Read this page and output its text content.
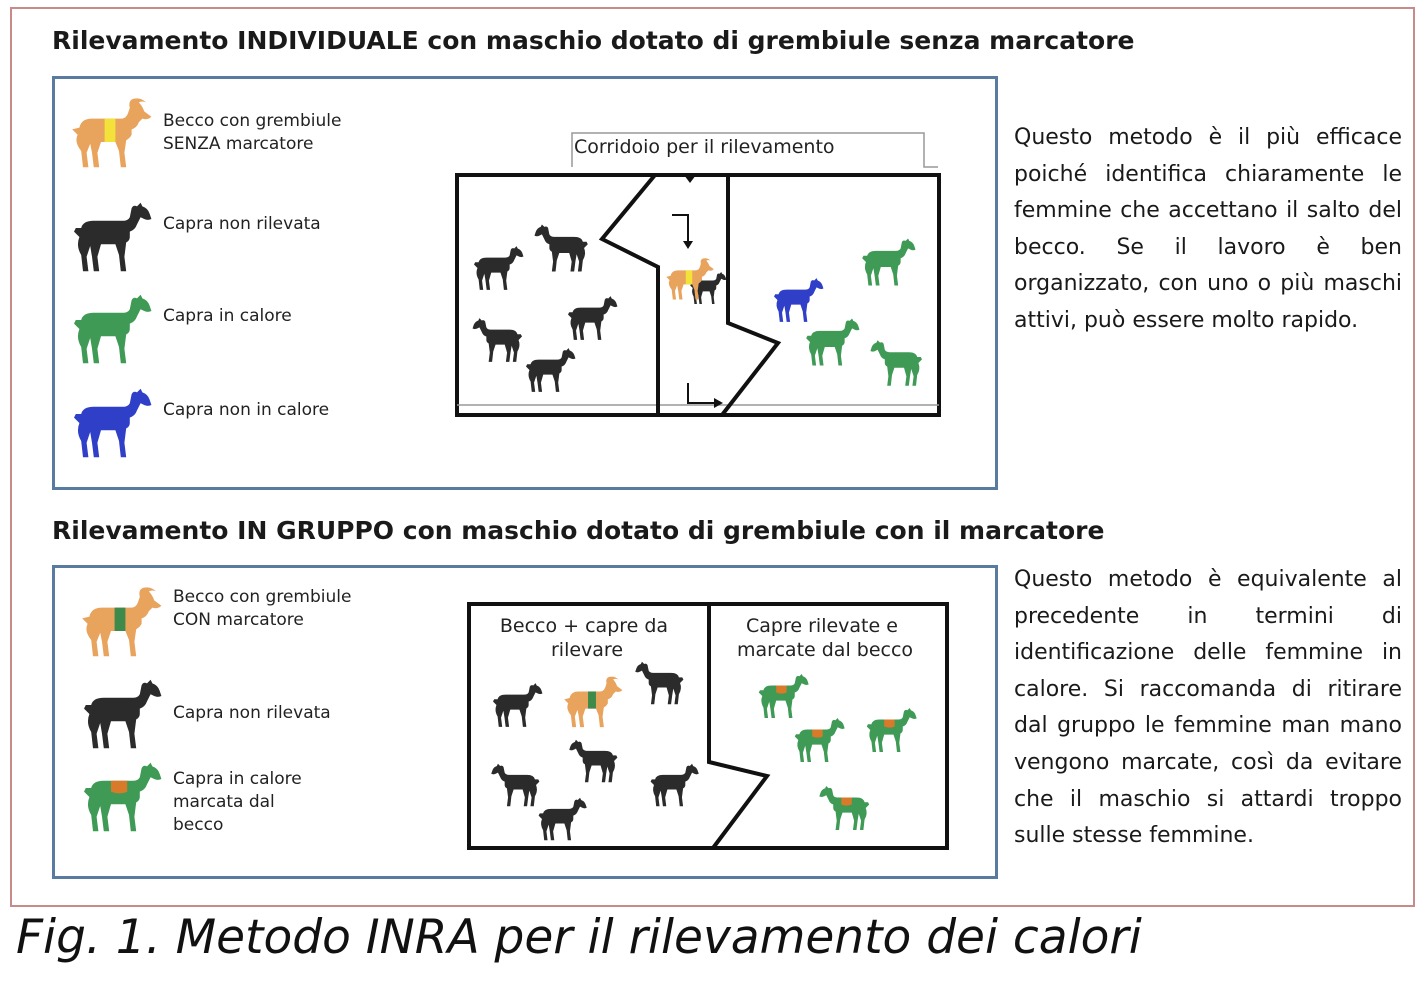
Rilevamento INDIVIDUALE con maschio dotato di grembiule senza marcatore
Becco con grembiule
SENZA marcatore
Capra non rilevata
Capra in calore
Capra non in calore
Corridoio per il rilevamento	Questo metodo è il più efficace poiché identifica chiaramente le femmine che accettano il salto del becco. Se il lavoro è ben organizzato, con uno o più maschi attivi, può essere molto rapido.
Rilevamento IN GRUPPO con maschio dotato di grembiule con il marcatore
Becco con grembiule
CON marcatore
Capra non rilevata
Capra in calore
marcata dal
becco
Becco + capre da rilevare
Capre rilevate e marcate dal becco
Questo metodo è equivalente al precedente in termini di identificazione delle femmine in calore. Si raccomanda di ritirare dal gruppo le femmine man mano vengono marcate, così da evitare che il maschio si attardi troppo sulle stesse femmine.
Fig. 1. Metodo INRA per il rilevamento dei calori
